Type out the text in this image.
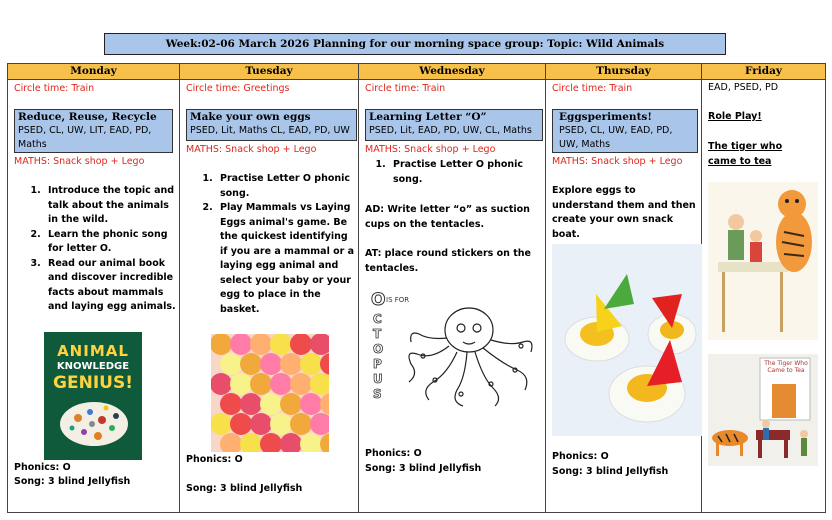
Week:02-06 March 2026 Planning for our morning space group: Topic: Wild Animals
Monday
Circle time: Train
Reduce, Reuse, Recycle
PSED, CL, UW, LIT, EAD, PD, Maths
MATHS: Snack shop + Lego
1. Introduce the topic and talk about the animals in the wild.
2. Learn the phonic song for letter O.
3. Read our animal book and discover incredible facts about mammals and laying egg animals.
ANIMAL
KNOWLEDGE
GENIUS!
Phonics: O
Song: 3 blind Jellyfish
Tuesday
Circle time: Greetings
Make your own eggs
PSED, Lit, Maths CL, EAD, PD, UW
MATHS: Snack shop + Lego
1. Practise Letter O phonic song.
2. Play Mammals vs Laying Eggs animal's game. Be the quickest identifying if you are a mammal or a laying egg animal and select your baby or your egg to place in the basket.
Phonics: O
Song: 3 blind Jellyfish
Wednesday
Circle time: Train
Learning Letter “O”
PSED, Lit, EAD, PD, UW, CL, Maths
MATHS: Snack shop + Lego
1. Practise Letter O phonic song.
AD: Write letter “o” as suction cups on the tentacles.
AT: place round stickers on the tentacles.
O IS FOR
CTOPUS
Phonics: O
Song: 3 blind Jellyfish
Thursday
Circle time: Train
Eggsperiments!
PSED, CL, UW, EAD, PD, UW, Maths
MATHS: Snack shop + Lego
Explore eggs to understand them and then create your own snack boat.
Phonics: O
Song: 3 blind Jellyfish
Friday
EAD, PSED, PD
Role Play!
The tiger who came to tea
The Tiger Who Came to Tea
